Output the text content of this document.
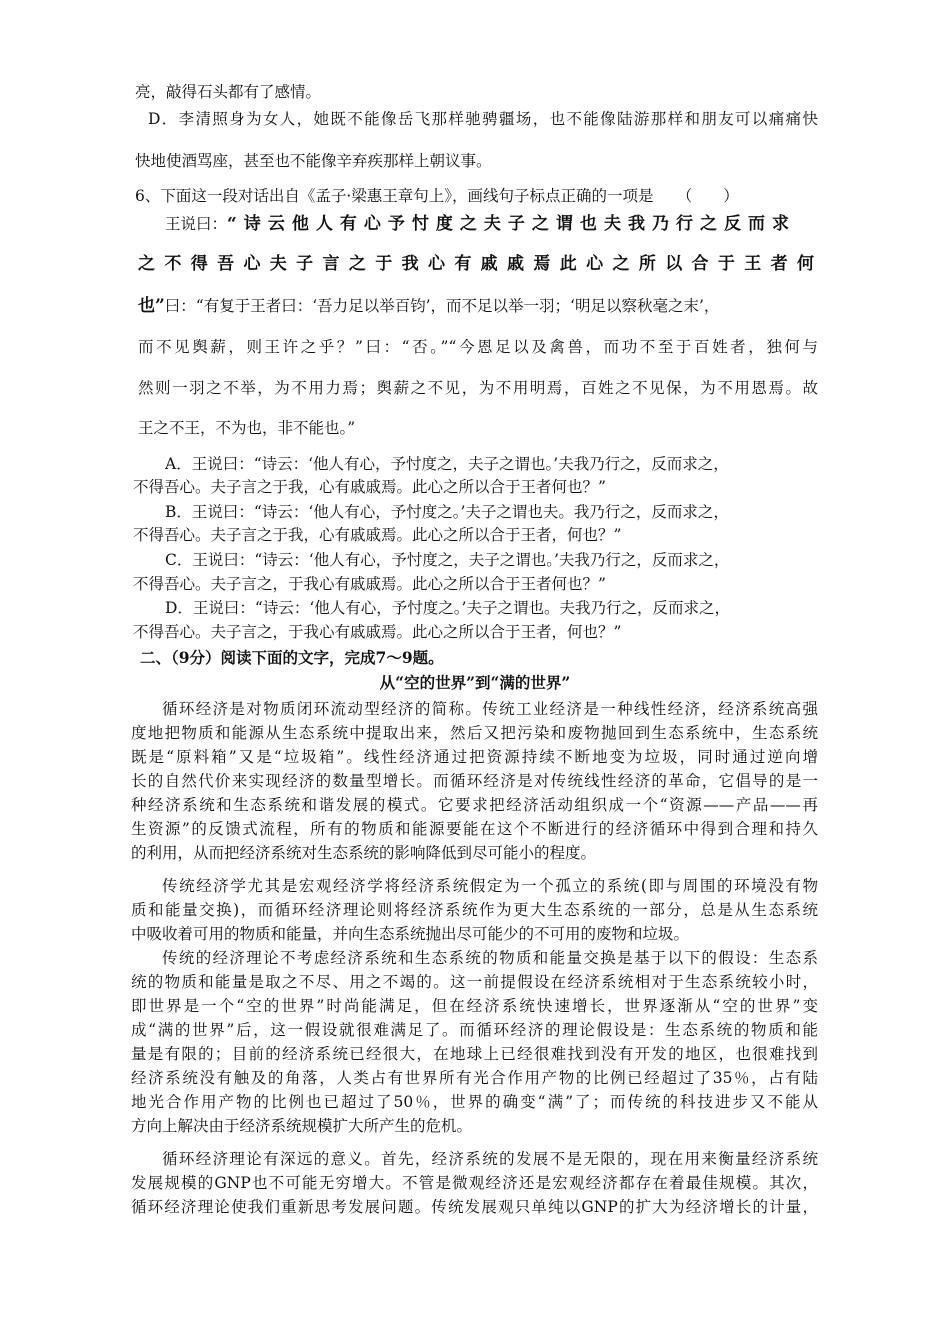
亮，敲得石头都有了感情。
D．李清照身为女人，她既不能像岳飞那样驰骋疆场，也不能像陆游那样和朋友可以痛痛快
快地使酒骂座，甚至也不能像辛弃疾那样上朝议事。
6、下面这一段对话出自《孟子·梁惠王章句上》，画线句子标点正确的一项是　　（　　）
王说曰：“诗云他人有心予忖度之夫子之谓也夫我乃行之反而求
之不得吾心夫子言之于我心有戚戚焉此心之所以合于王者何
也”曰：“有复于王者曰：‘吾力足以举百钧’，而不足以举一羽；‘明足以察秋毫之末’，
而不见舆薪，则王许之乎？”曰：“否。”“今恩足以及禽兽，而功不至于百姓者，独何与
然则一羽之不举，为不用力焉；舆薪之不见，为不用明焉，百姓之不见保，为不用恩焉。故
王之不王，不为也，非不能也。”
A．王说曰：“诗云：‘他人有心，予忖度之，夫子之谓也。’夫我乃行之，反而求之，
不得吾心。夫子言之于我，心有戚戚焉。此心之所以合于王者何也？”
B．王说曰：“诗云：‘他人有心，予忖度之。’夫子之谓也夫。我乃行之，反而求之，
不得吾心。夫子言之于我，心有戚戚焉。此心之所以合于王者，何也？”
C．王说曰：“诗云：‘他人有心，予忖度之，夫子之谓也。’夫我乃行之，反而求之，
不得吾心。夫子言之，于我心有戚戚焉。此心之所以合于王者何也？”
D．王说曰：“诗云：‘他人有心，予忖度之。’夫子之谓也。夫我乃行之，反而求之，
不得吾心。夫子言之，于我心有戚戚焉。此心之所以合于王者，何也？”
二、（9分）阅读下面的文字，完成7～9题。
从“空的世界”到“满的世界”
循环经济是对物质闭环流动型经济的简称。传统工业经济是一种线性经济，经济系统高强
度地把物质和能源从生态系统中提取出来，然后又把污染和废物抛回到生态系统中，生态系统
既是“原料箱”又是“垃圾箱”。线性经济通过把资源持续不断地变为垃圾，同时通过逆向增
长的自然代价来实现经济的数量型增长。而循环经济是对传统线性经济的革命，它倡导的是一
种经济系统和生态系统和谐发展的模式。它要求把经济活动组织成一个“资源——产品——再
生资源”的反馈式流程，所有的物质和能源要能在这个不断进行的经济循环中得到合理和持久
的利用，从而把经济系统对生态系统的影响降低到尽可能小的程度。
传统经济学尤其是宏观经济学将经济系统假定为一个孤立的系统(即与周围的环境没有物
质和能量交换)，而循环经济理论则将经济系统作为更大生态系统的一部分，总是从生态系统
中吸收着可用的物质和能量，并向生态系统抛出尽可能少的不可用的废物和垃圾。
传统的经济理论不考虑经济系统和生态系统的物质和能量交换是基于以下的假设：生态系
统的物质和能量是取之不尽、用之不竭的。这一前提假设在经济系统相对于生态系统较小时，
即世界是一个“空的世界”时尚能满足，但在经济系统快速增长，世界逐渐从“空的世界”变
成“满的世界”后，这一假设就很难满足了。而循环经济的理论假设是：生态系统的物质和能
量是有限的；目前的经济系统已经很大，在地球上已经很难找到没有开发的地区，也很难找到
经济系统没有触及的角落，人类占有世界所有光合作用产物的比例已经超过了35％，占有陆
地光合作用产物的比例也已超过了50％，世界的确变“满”了；而传统的科技进步又不能从
方向上解决由于经济系统规模扩大所产生的危机。
循环经济理论有深远的意义。首先，经济系统的发展不是无限的，现在用来衡量经济系统
发展规模的GNP也不可能无穷增大。不管是微观经济还是宏观经济都存在着最佳规模。其次，
循环经济理论使我们重新思考发展问题。传统发展观只单纯以GNP的扩大为经济增长的计量，
